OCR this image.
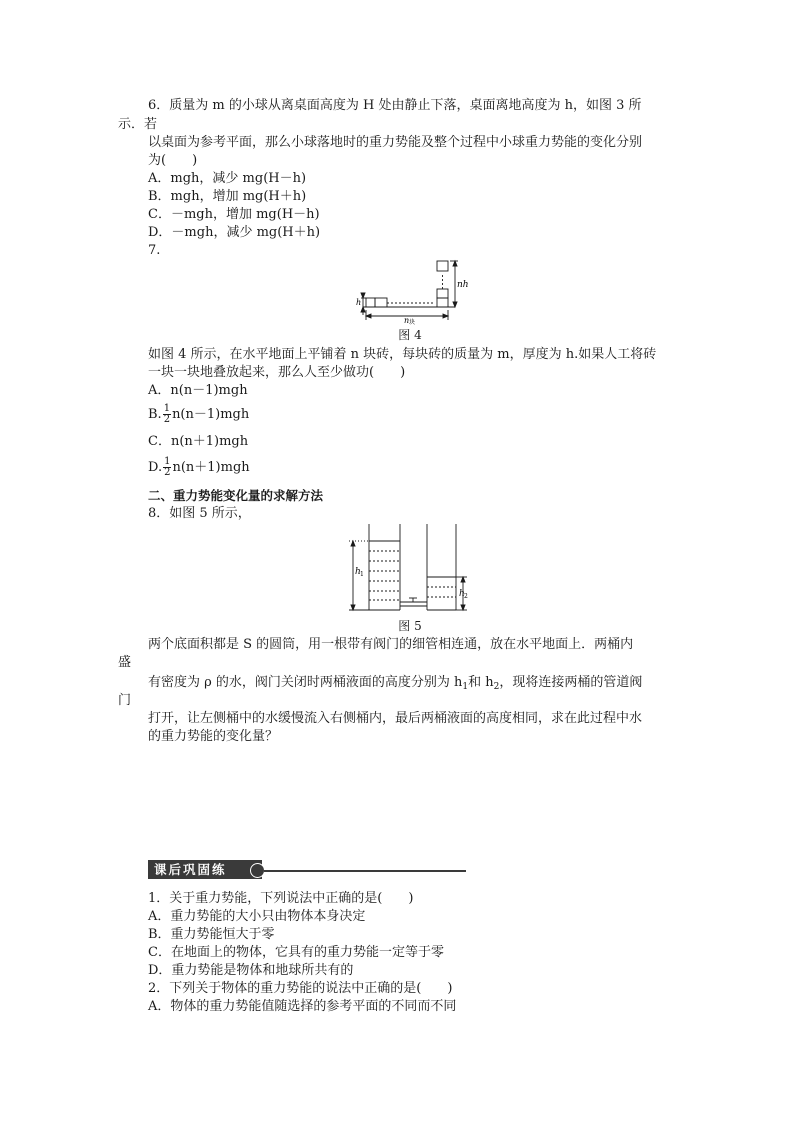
6．质量为 m 的小球从离桌面高度为 H 处由静止下落，桌面离地高度为 h，如图 3 所
示．若
以桌面为参考平面，那么小球落地时的重力势能及整个过程中小球重力势能的变化分别
为(　　)
A．mgh，减少 mg(H－h)
B．mgh，增加 mg(H＋h)
C．－mgh，增加 mg(H－h)
D．－mgh，减少 mg(H＋h)
7.
nh
h
n 块
图 4
如图 4 所示，在水平地面上平铺着 n 块砖，每块砖的质量为 m，厚度为 h.如果人工将砖
一块一块地叠放起来，那么人至少做功(　　)
A．n(n－1)mgh
B. $\frac{1}{2} n(n-1)mgh$
C．n(n＋1)mgh
D. $\frac{1}{2} n(n+1)mgh$
二、重力势能变化量的求解方法
8．如图 5 所示，
h 1
h 2
图 5
两个底面积都是 S 的圆筒，用一根带有阀门的细管相连通，放在水平地面上．两桶内
盛
有密度为 ρ 的水，阀门关闭时两桶液面的高度分别为 $h_1$和 $h_2$，现将连接两桶的管道阀
门
打开，让左侧桶中的水缓慢流入右侧桶内，最后两桶液面的高度相同，求在此过程中水
的重力势能的变化量？
课后巩固练
1．关于重力势能，下列说法中正确的是(　　)
A．重力势能的大小只由物体本身决定
B．重力势能恒大于零
C．在地面上的物体，它具有的重力势能一定等于零
D．重力势能是物体和地球所共有的
2．下列关于物体的重力势能的说法中正确的是(　　)
A．物体的重力势能值随选择的参考平面的不同而不同
